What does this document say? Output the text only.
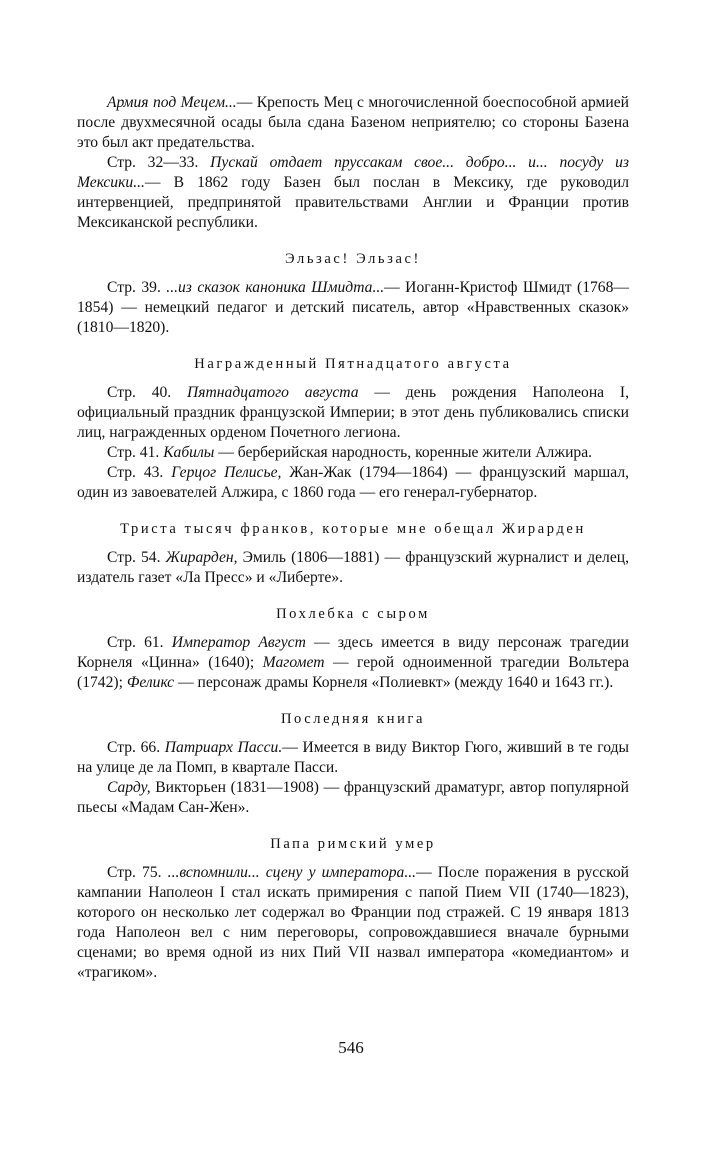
Армия под Мецем...— Крепость Мец с многочисленной боеспособной армией после двухмесячной осады была сдана Базеном неприятелю; со стороны Базена это был акт предательства.

Стр. 32—33. Пускай отдает пруссакам свое... добро... и... посуду из Мексики...— В 1862 году Базен был послан в Мексику, где руководил интервенцией, предпринятой правительствами Англии и Франции против Мексиканской республики.

Эльзас! Эльзас!

Стр. 39. ...из сказок каноника Шмидта...— Иоганн-Кристоф Шмидт (1768—1854) — немецкий педагог и детский писатель, автор «Нравственных сказок» (1810—1820).

Награжденный Пятнадцатого августа

Стр. 40. Пятнадцатого августа — день рождения Наполеона I, официальный праздник французской Империи; в этот день публиковались списки лиц, награжденных орденом Почетного легиона.

Стр. 41. Кабилы — берберийская народность, коренные жители Алжира.

Стр. 43. Герцог Пелисье, Жан-Жак (1794—1864) — французский маршал, один из завоевателей Алжира, с 1860 года — его генерал-губернатор.

Триста тысяч франков, которые мне обещал Жирарден

Стр. 54. Жирарден, Эмиль (1806—1881) — французский журналист и делец, издатель газет «Ла Пресс» и «Либерте».

Похлебка с сыром

Стр. 61. Император Август — здесь имеется в виду персонаж трагедии Корнеля «Цинна» (1640); Магомет — герой одноименной трагедии Вольтера (1742); Феликс — персонаж драмы Корнеля «Полиевкт» (между 1640 и 1643 гг.).

Последняя книга

Стр. 66. Патриарх Пасси.— Имеется в виду Виктор Гюго, живший в те годы на улице де ла Помп, в квартале Пасси.

Сарду, Викторьен (1831—1908) — французский драматург, автор популярной пьесы «Мадам Сан-Жен».

Папа римский умер

Стр. 75. ...вспомнили... сцену у императора...— После поражения в русской кампании Наполеон I стал искать примирения с папой Пием VII (1740—1823), которого он несколько лет содержал во Франции под стражей. С 19 января 1813 года Наполеон вел с ним переговоры, сопровождавшиеся вначале бурными сценами; во время одной из них Пий VII назвал императора «комедиантом» и «трагиком».

546
